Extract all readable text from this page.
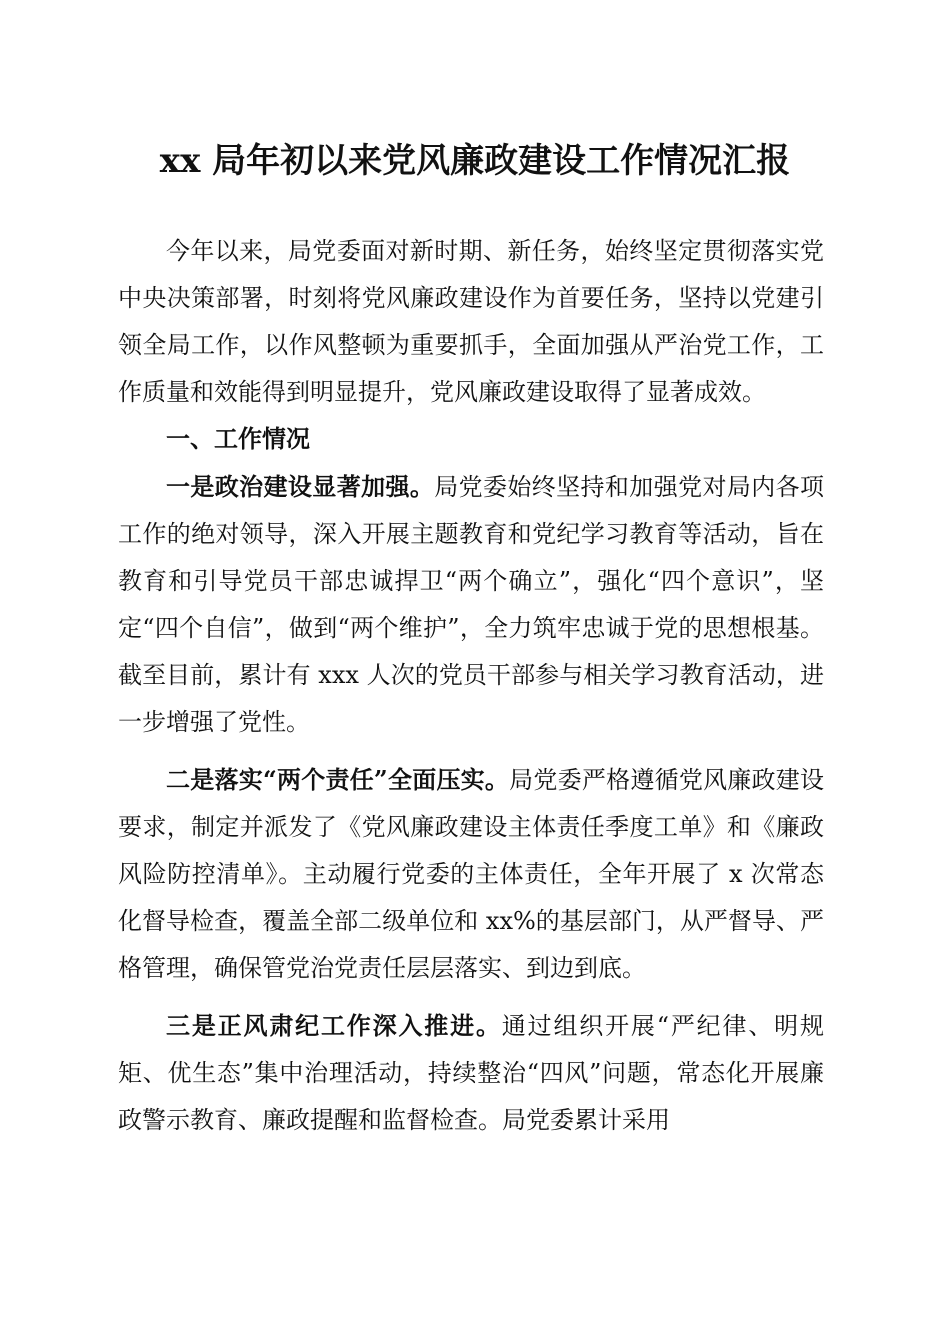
xx 局年初以来党风廉政建设工作情况汇报

今年以来，局党委面对新时期、新任务，始终坚定贯彻落实党中央决策部署，时刻将党风廉政建设作为首要任务，坚持以党建引领全局工作，以作风整顿为重要抓手，全面加强从严治党工作，工作质量和效能得到明显提升，党风廉政建设取得了显著成效。

一、工作情况

一是政治建设显著加强。局党委始终坚持和加强党对局内各项工作的绝对领导，深入开展主题教育和党纪学习教育等活动，旨在教育和引导党员干部忠诚捍卫“两个确立”，强化“四个意识”，坚定“四个自信”，做到“两个维护”，全力筑牢忠诚于党的思想根基。截至目前，累计有 xxx 人次的党员干部参与相关学习教育活动，进一步增强了党性。

二是落实“两个责任”全面压实。局党委严格遵循党风廉政建设要求，制定并派发了《党风廉政建设主体责任季度工单》和《廉政风险防控清单》。主动履行党委的主体责任，全年开展了 x 次常态化督导检查，覆盖全部二级单位和 xx%的基层部门，从严督导、严格管理，确保管党治党责任层层落实、到边到底。

三是正风肃纪工作深入推进。通过组织开展“严纪律、明规矩、优生态”集中治理活动，持续整治“四风”问题，常态化开展廉政警示教育、廉政提醒和监督检查。局党委累计采用
